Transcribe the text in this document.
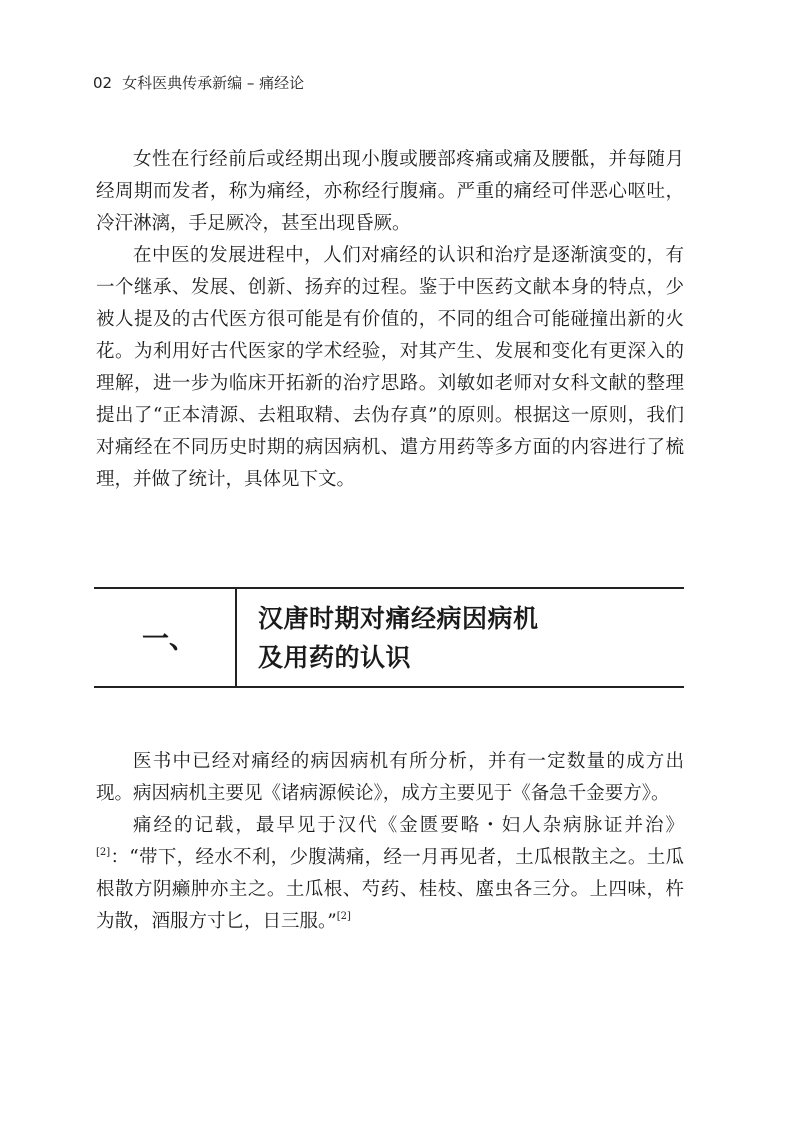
02 女科医典传承新编 – 痛经论

女性在行经前后或经期出现小腹或腰部疼痛或痛及腰骶，并每随月经周期而发者，称为痛经，亦称经行腹痛。严重的痛经可伴恶心呕吐，冷汗淋漓，手足厥冷，甚至出现昏厥。

在中医的发展进程中，人们对痛经的认识和治疗是逐渐演变的，有一个继承、发展、创新、扬弃的过程。鉴于中医药文献本身的特点，少被人提及的古代医方很可能是有价值的，不同的组合可能碰撞出新的火花。为利用好古代医家的学术经验，对其产生、发展和变化有更深入的理解，进一步为临床开拓新的治疗思路。刘敏如老师对女科文献的整理提出了“正本清源、去粗取精、去伪存真”的原则。根据这一原则，我们对痛经在不同历史时期的病因病机、遣方用药等多方面的内容进行了梳理，并做了统计，具体见下文。

一、
汉唐时期对痛经病因病机
及用药的认识

医书中已经对痛经的病因病机有所分析，并有一定数量的成方出现。病因病机主要见《诸病源候论》，成方主要见于《备急千金要方》。

痛经的记载，最早见于汉代《金匮要略・妇人杂病脉证并治》[2]：“带下，经水不利，少腹满痛，经一月再见者，土瓜根散主之。土瓜根散方阴癞肿亦主之。土瓜根、芍药、桂枝、䗪虫各三分。上四味，杵为散，酒服方寸匕，日三服。”[2]
